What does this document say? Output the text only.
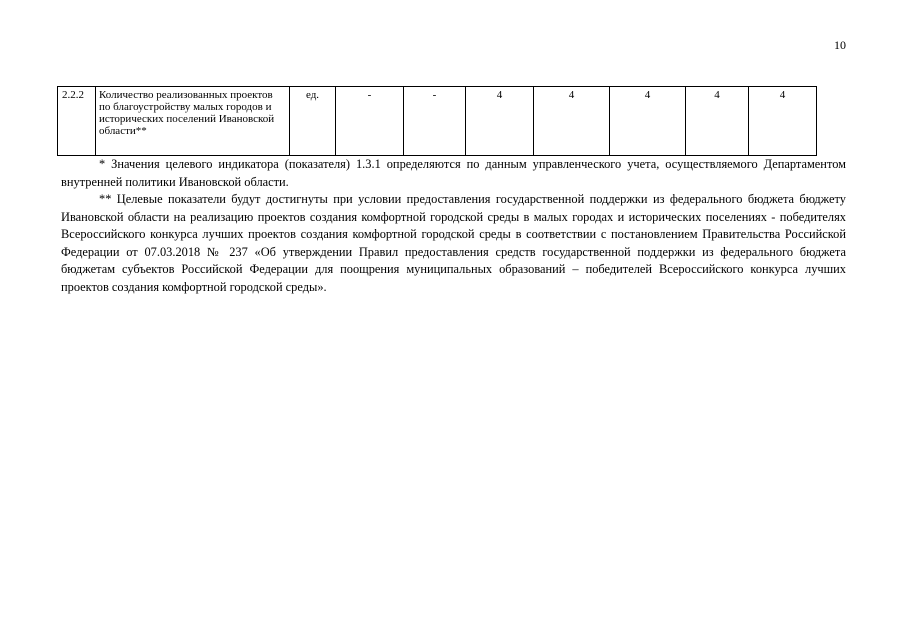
10
2.2.2	Количество реализованных проектов по благоустройству малых городов и исторических поселений Ивановской области**	ед.	-	-	4	4	4	4	4

* Значения целевого индикатора (показателя) 1.3.1 определяются по данным управленческого учета, осуществляемого Департаментом внутренней политики Ивановской области.

** Целевые показатели будут достигнуты при условии предоставления государственной поддержки из федерального бюджета бюджету Ивановской области на реализацию проектов создания комфортной городской среды в малых городах и исторических поселениях - победителях Всероссийского конкурса лучших проектов создания комфортной городской среды в соответствии с постановлением Правительства Российской Федерации от 07.03.2018 № 237 «Об утверждении Правил предоставления средств государственной поддержки из федерального бюджета бюджетам субъектов Российской Федерации для поощрения муниципальных образований – победителей Всероссийского конкурса лучших проектов создания комфортной городской среды».
